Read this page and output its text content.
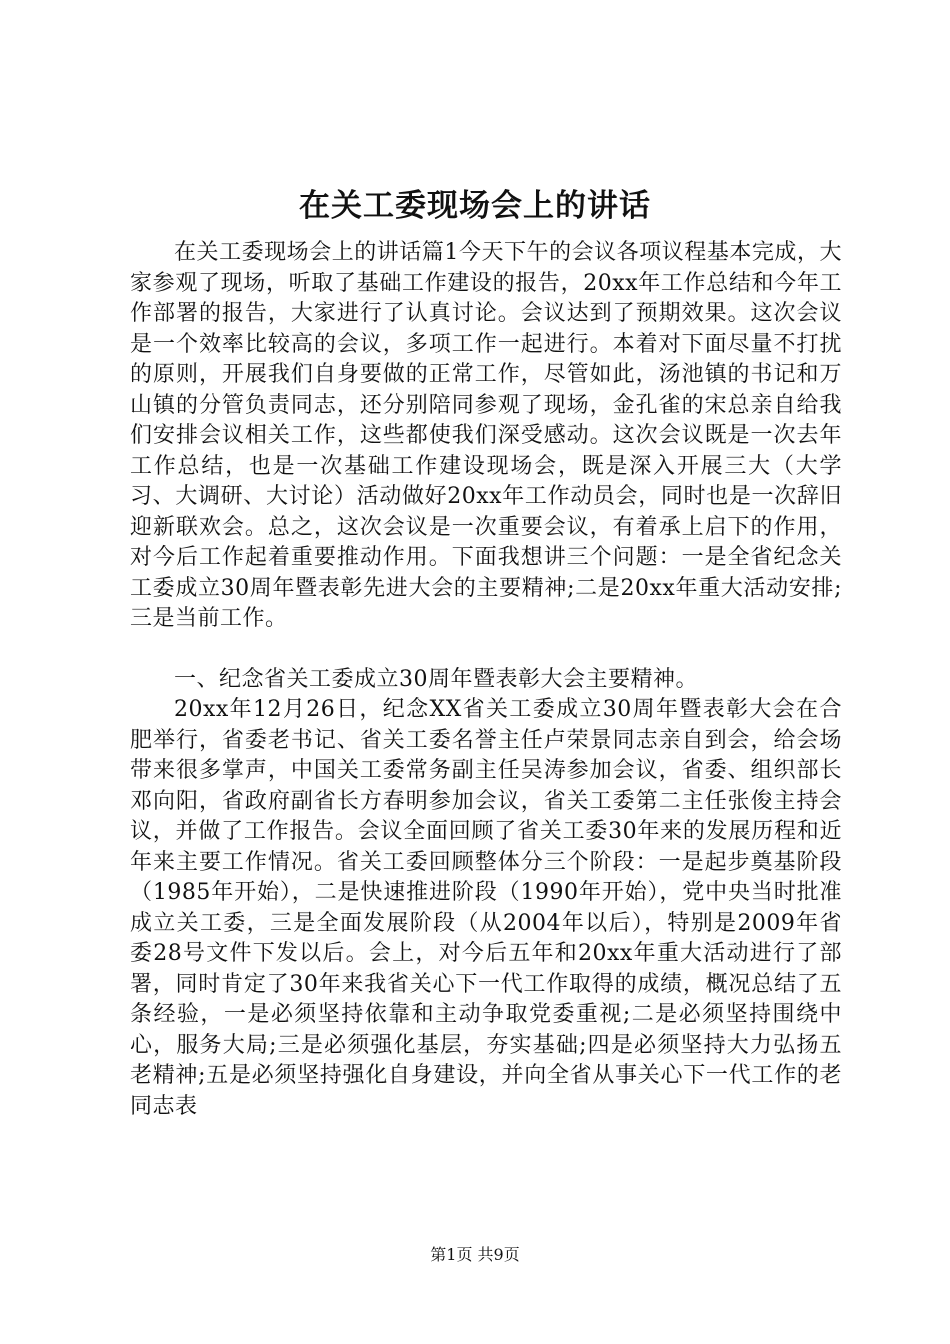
在关工委现场会上的讲话

在关工委现场会上的讲话篇1今天下午的会议各项议程基本完成，大家参观了现场，听取了基础工作建设的报告，20xx年工作总结和今年工作部署的报告，大家进行了认真讨论。会议达到了预期效果。这次会议是一个效率比较高的会议，多项工作一起进行。本着对下面尽量不打扰的原则，开展我们自身要做的正常工作，尽管如此，汤池镇的书记和万山镇的分管负责同志，还分别陪同参观了现场，金孔雀的宋总亲自给我们安排会议相关工作，这些都使我们深受感动。这次会议既是一次去年工作总结，也是一次基础工作建设现场会，既是深入开展三大（大学习、大调研、大讨论）活动做好20xx年工作动员会，同时也是一次辞旧迎新联欢会。总之，这次会议是一次重要会议，有着承上启下的作用，对今后工作起着重要推动作用。下面我想讲三个问题：一是全省纪念关工委成立30周年暨表彰先进大会的主要精神;二是20xx年重大活动安排;三是当前工作。

一、纪念省关工委成立30周年暨表彰大会主要精神。

20xx年12月26日，纪念XX省关工委成立30周年暨表彰大会在合肥举行，省委老书记、省关工委名誉主任卢荣景同志亲自到会，给会场带来很多掌声，中国关工委常务副主任吴涛参加会议，省委、组织部长邓向阳，省政府副省长方春明参加会议，省关工委第二主任张俊主持会议，并做了工作报告。会议全面回顾了省关工委30年来的发展历程和近年来主要工作情况。省关工委回顾整体分三个阶段：一是起步奠基阶段（1985年开始），二是快速推进阶段（1990年开始），党中央当时批准成立关工委，三是全面发展阶段（从2004年以后），特别是2009年省委28号文件下发以后。会上，对今后五年和20xx年重大活动进行了部署，同时肯定了30年来我省关心下一代工作取得的成绩，概况总结了五条经验，一是必须坚持依靠和主动争取党委重视;二是必须坚持围绕中心，服务大局;三是必须强化基层，夯实基础;四是必须坚持大力弘扬五老精神;五是必须坚持强化自身建设，并向全省从事关心下一代工作的老同志表

第1页 共9页
